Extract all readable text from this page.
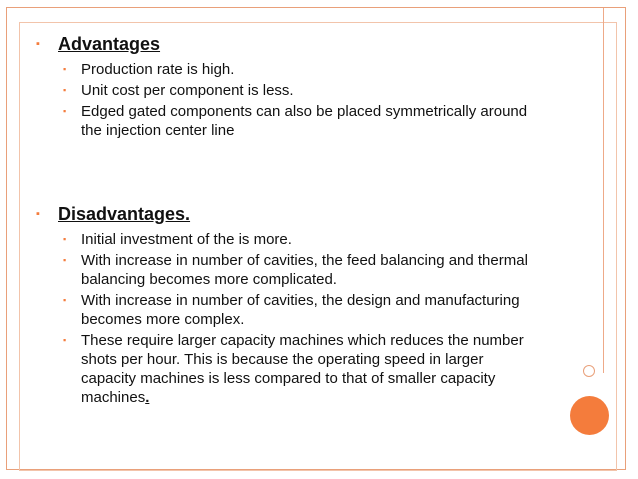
▪	Advantages
▪ Production rate is high.
▪ Unit cost per component is less.
▪ Edged gated components can also be placed symmetrically around the injection center line
▪	Disadvantages.
▪ Initial investment of the is more.
▪ With increase in number of cavities, the feed balancing and thermal balancing becomes more complicated.
▪ With increase in number of cavities, the design and manufacturing becomes more complex.
▪ These require larger capacity machines which reduces the number shots per hour. This is because the operating speed in larger capacity machines is less compared to that of smaller capacity machines.
